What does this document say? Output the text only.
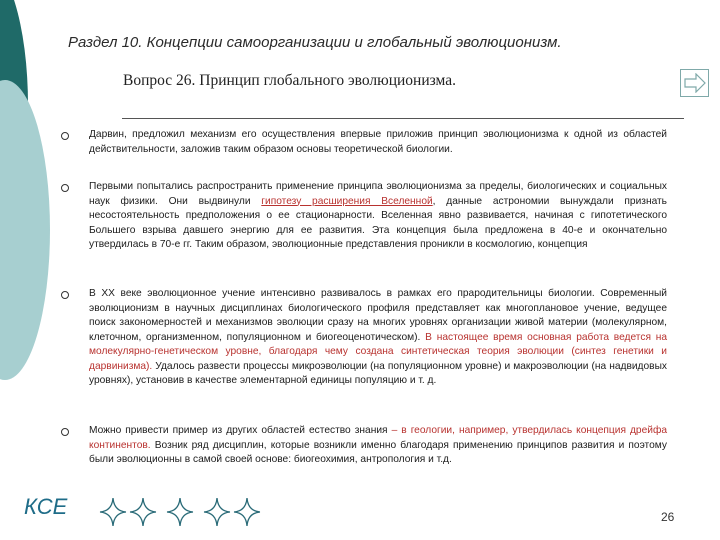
Раздел 10. Концепции самоорганизации и глобальный эволюционизм.
Вопрос 26. Принцип глобального эволюционизма.

Дарвин, предложил механизм его осуществления впервые приложив принцип эволюционизма к одной из областей действительности, заложив таким образом основы теоретической биологии.

Первыми попытались распространить применение принципа эволюционизма за пределы, биологических и социальных наук физики. Они выдвинули гипотезу расширения Вселенной, данные астрономии вынуждали признать несостоятельность предположения о ее стационарности. Вселенная явно развивается, начиная с гипотетического Большего взрыва давшего энергию для ее развития. Эта концепция была предложена в 40-е и окончательно утвердилась в 70-е гг. Таким образом, эволюционные представления проникли в космологию, концепция

В XX веке эволюционное учение интенсивно развивалось в рамках его прародительницы биологии. Современный эволюционизм в научных дисциплинах биологического профиля представляет как многоплановое учение, ведущее поиск закономерностей и механизмов эволюции сразу на многих уровнях организации живой материи (молекулярном, клеточном, организменном, популяционном и биогеоценотическом). В настоящее время основная работа ведется на молекулярно-генетическом уровне, благодаря чему создана синтетическая теория эволюции (синтез генетики и дарвинизма). Удалось развести процессы микроэволюции (на популяционном уровне) и макроэволюции (на надвидовых уровнях), установив в качестве элементарной единицы популяцию и т. д.

Можно привести пример из других областей естество знания – в геологии, например, утвердилась концепция дрейфа континентов. Возник ряд дисциплин, которые возникли именно благодаря применению принципов развития и поэтому были эволюционны в самой своей основе: биогеохимия, антропология и т.д.

КСЕ	26
